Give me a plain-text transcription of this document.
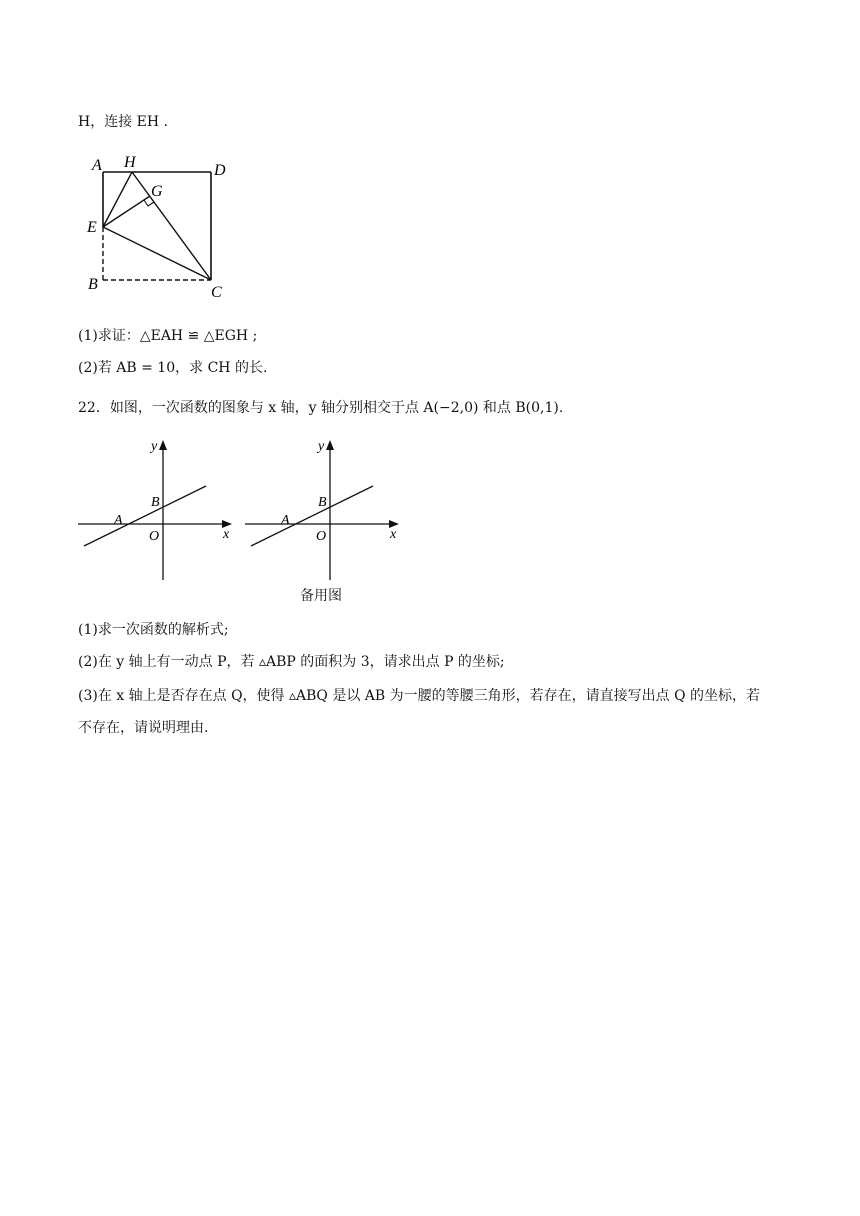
H，连接 EH .
A H	D
G
E
B	C
(1)求证：△EAH ≌ △EGH ;
(2)若 AB = 10，求 CH 的长.
22．如图，一次函数的图象与 x 轴，y 轴分别相交于点 A(−2,0) 和点 B(0,1).
y
x
A
B
O
y
x
A
B
O
备用图
(1)求一次函数的解析式;
(2)在 y 轴上有一动点 P，若 ▵ABP 的面积为 3，请求出点 P 的坐标;
(3)在 x 轴上是否存在点 Q，使得 ▵ABQ 是以 AB 为一腰的等腰三角形，若存在，请直接写出点 Q 的坐标，若
不存在，请说明理由.
